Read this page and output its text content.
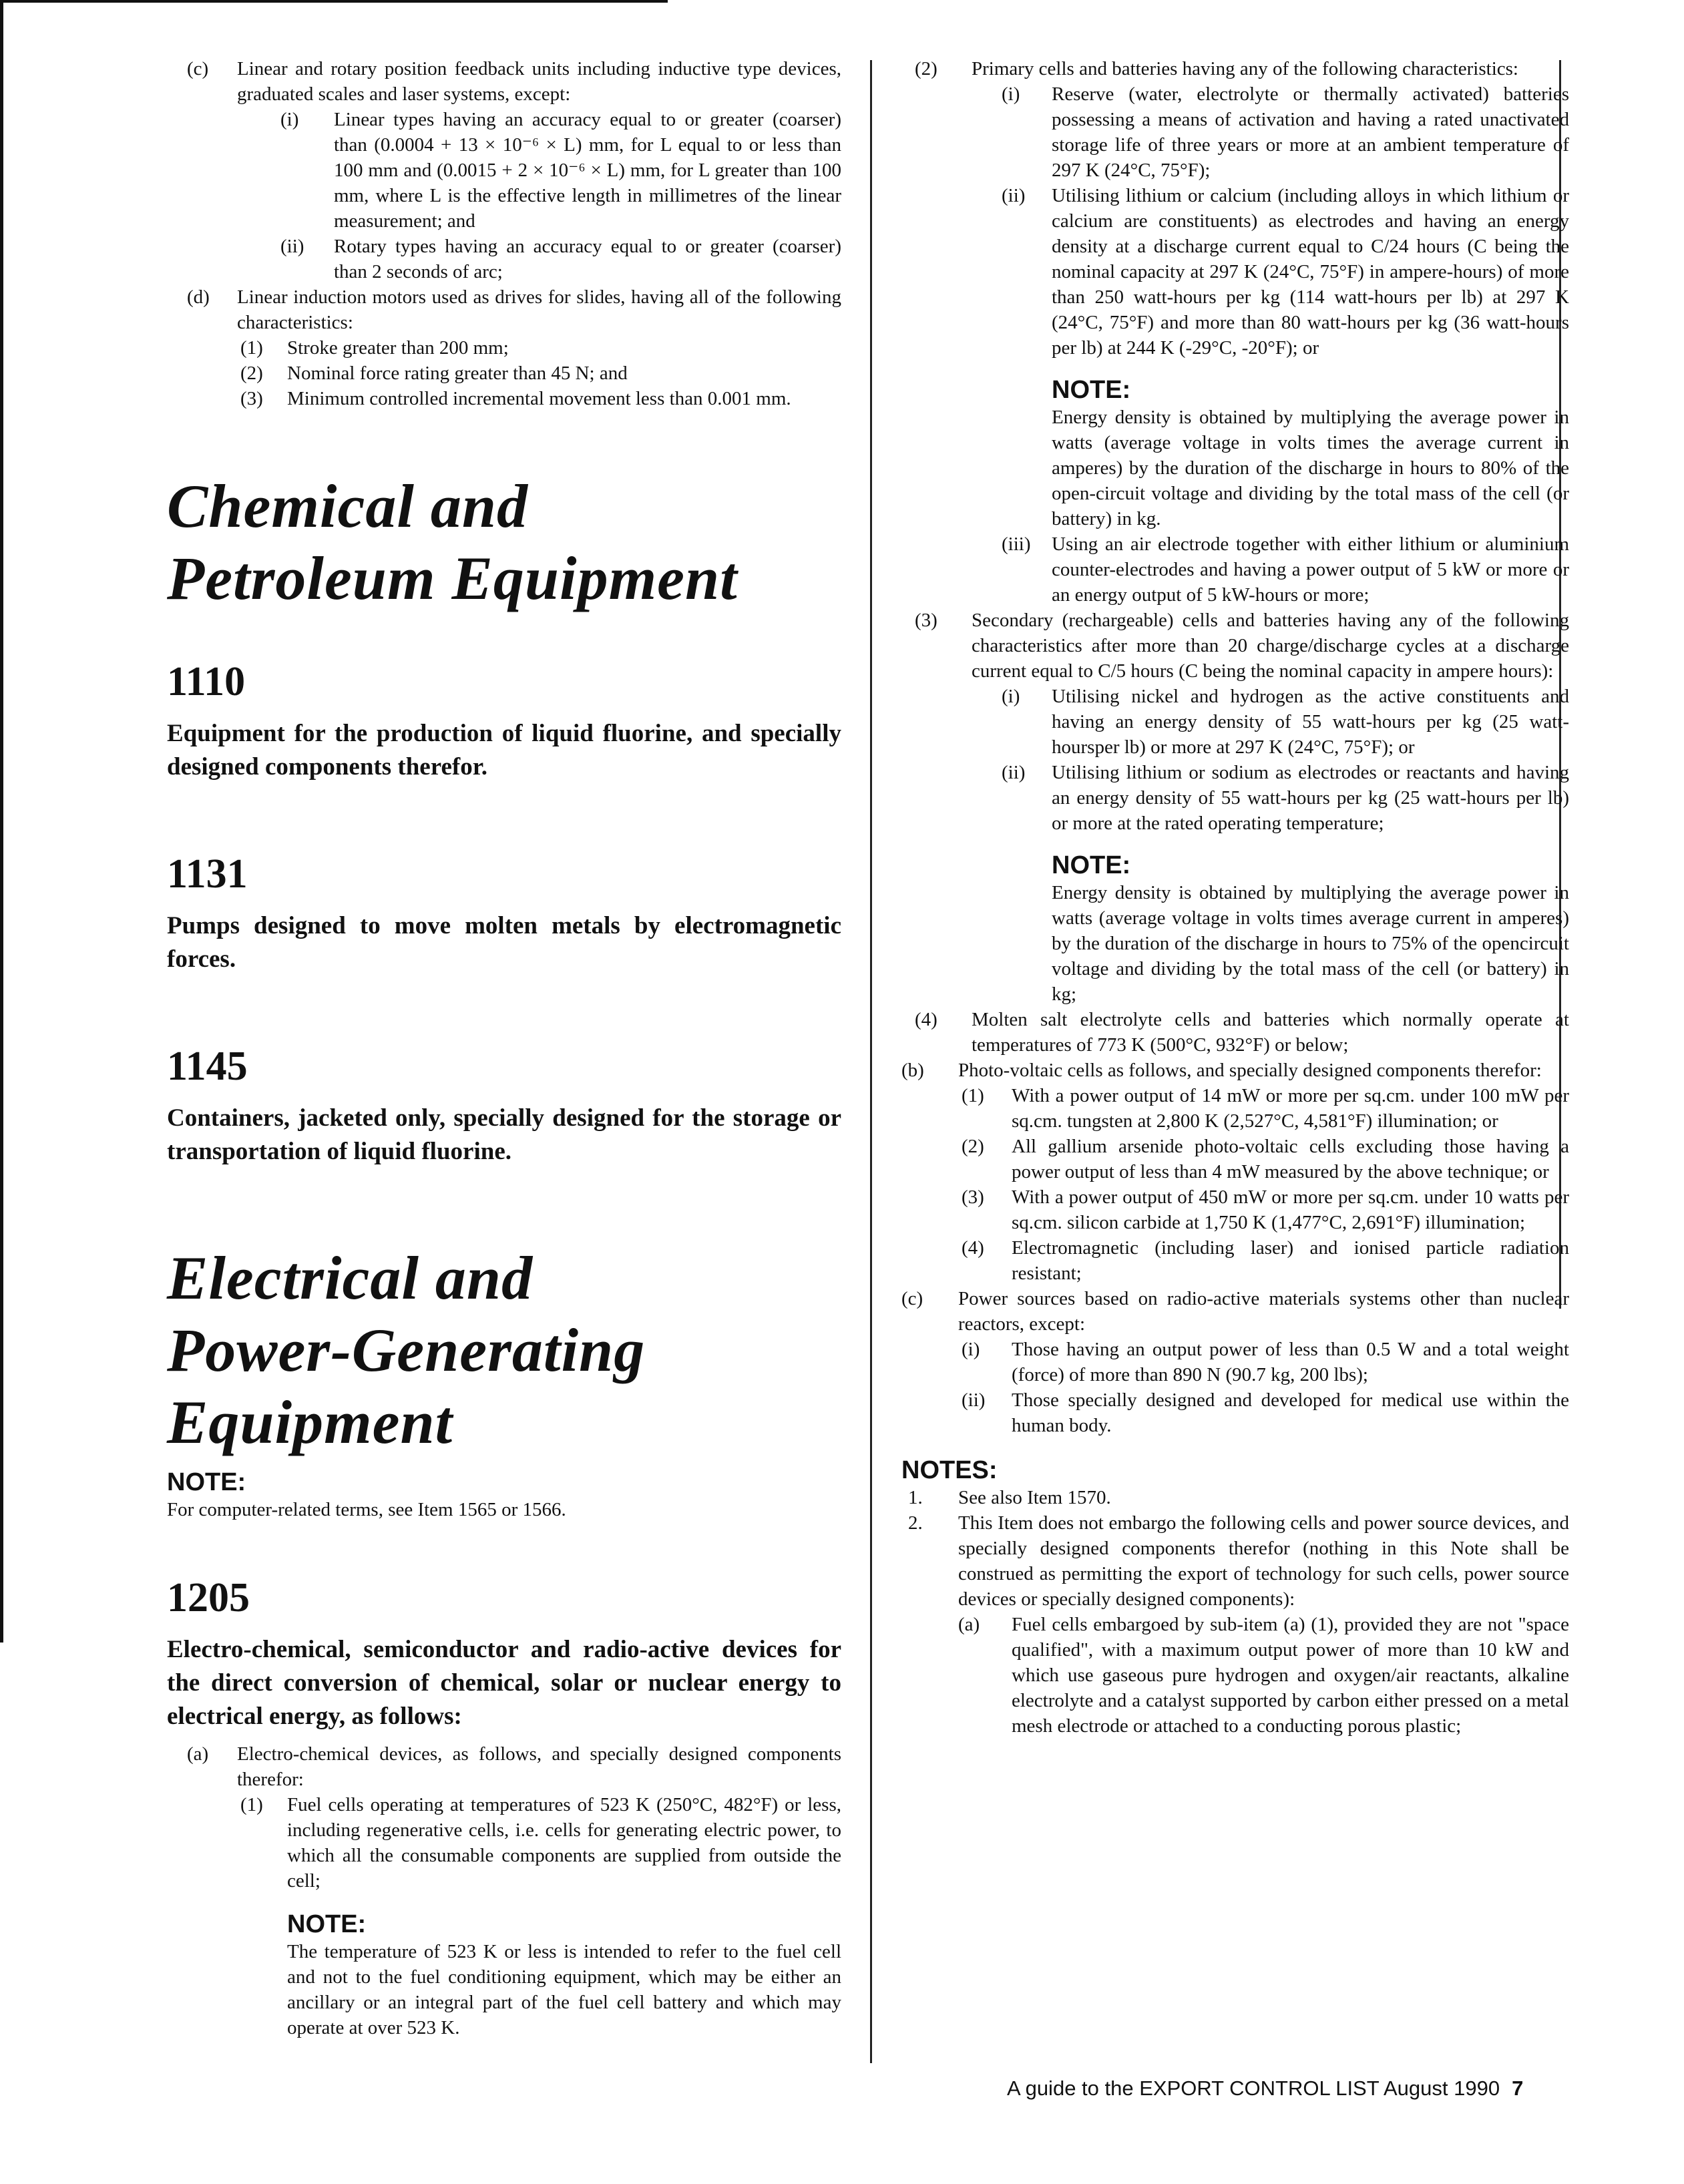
(c) Linear and rotary position feedback units including inductive type devices, graduated scales and laser systems, except:
(i) Linear types having an accuracy equal to or greater (coarser) than (0.0004 + 13 × 10⁻⁶ × L) mm, for L equal to or less than 100 mm and (0.0015 + 2 × 10⁻⁶ × L) mm, for L greater than 100 mm, where L is the effective length in millimetres of the linear measurement; and
(ii) Rotary types having an accuracy equal to or greater (coarser) than 2 seconds of arc;
(d) Linear induction motors used as drives for slides, having all of the following characteristics:
(1) Stroke greater than 200 mm;
(2) Nominal force rating greater than 45 N; and
(3) Minimum controlled incremental movement less than 0.001 mm.
Chemical and
Petroleum Equipment
1110
Equipment for the production of liquid fluorine, and specially designed components therefor.
1131
Pumps designed to move molten metals by electromagnetic forces.
1145
Containers, jacketed only, specially designed for the storage or transportation of liquid fluorine.
Electrical and
Power-Generating
Equipment
NOTE:
For computer-related terms, see Item 1565 or 1566.
1205
Electro-chemical, semiconductor and radio-active devices for the direct conversion of chemical, solar or nuclear energy to electrical energy, as follows:
(a) Electro-chemical devices, as follows, and specially designed components therefor:
(1) Fuel cells operating at temperatures of 523 K (250°C, 482°F) or less, including regenerative cells, i.e. cells for generating electric power, to which all the consumable components are supplied from outside the cell;
NOTE:
The temperature of 523 K or less is intended to refer to the fuel cell and not to the fuel conditioning equipment, which may be either an ancillary or an integral part of the fuel cell battery and which may operate at over 523 K.
(2) Primary cells and batteries having any of the following characteristics:
(i) Reserve (water, electrolyte or thermally activated) batteries possessing a means of activation and having a rated unactivated storage life of three years or more at an ambient temperature of 297 K (24°C, 75°F);
(ii) Utilising lithium or calcium (including alloys in which lithium or calcium are constituents) as electrodes and having an energy density at a discharge current equal to C/24 hours (C being the nominal capacity at 297 K (24°C, 75°F) in ampere-hours) of more than 250 watt-hours per kg (114 watt-hours per lb) at 297 K (24°C, 75°F) and more than 80 watt-hours per kg (36 watt-hours per lb) at 244 K (-29°C, -20°F); or
NOTE:
Energy density is obtained by multiplying the average power in watts (average voltage in volts times the average current in amperes) by the duration of the discharge in hours to 80% of the open-circuit voltage and dividing by the total mass of the cell (or battery) in kg.
(iii) Using an air electrode together with either lithium or aluminium counter-electrodes and having a power output of 5 kW or more or an energy output of 5 kW-hours or more;
(3) Secondary (rechargeable) cells and batteries having any of the following characteristics after more than 20 charge/discharge cycles at a discharge current equal to C/5 hours (C being the nominal capacity in ampere hours):
(i) Utilising nickel and hydrogen as the active constituents and having an energy density of 55 watt-hours per kg (25 watt-hoursper lb) or more at 297 K (24°C, 75°F); or
(ii) Utilising lithium or sodium as electrodes or reactants and having an energy density of 55 watt-hours per kg (25 watt-hours per lb) or more at the rated operating temperature;
NOTE:
Energy density is obtained by multiplying the average power in watts (average voltage in volts times average current in amperes) by the duration of the discharge in hours to 75% of the opencircuit voltage and dividing by the total mass of the cell (or battery) in kg;
(4) Molten salt electrolyte cells and batteries which normally operate at temperatures of 773 K (500°C, 932°F) or below;
(b) Photo-voltaic cells as follows, and specially designed components therefor:
(1) With a power output of 14 mW or more per sq.cm. under 100 mW per sq.cm. tungsten at 2,800 K (2,527°C, 4,581°F) illumination; or
(2) All gallium arsenide photo-voltaic cells excluding those having a power output of less than 4 mW measured by the above technique; or
(3) With a power output of 450 mW or more per sq.cm. under 10 watts per sq.cm. silicon carbide at 1,750 K (1,477°C, 2,691°F) illumination;
(4) Electromagnetic (including laser) and ionised particle radiation resistant;
(c) Power sources based on radio-active materials systems other than nuclear reactors, except:
(i) Those having an output power of less than 0.5 W and a total weight (force) of more than 890 N (90.7 kg, 200 lbs);
(ii) Those specially designed and developed for medical use within the human body.
NOTES:
1. See also Item 1570.
2. This Item does not embargo the following cells and power source devices, and specially designed components therefor (nothing in this Note shall be construed as permitting the export of technology for such cells, power source devices or specially designed components):
(a) Fuel cells embargoed by sub-item (a) (1), provided they are not "space qualified", with a maximum output power of more than 10 kW and which use gaseous pure hydrogen and oxygen/air reactants, alkaline electrolyte and a catalyst supported by carbon either pressed on a metal mesh electrode or attached to a conducting porous plastic;
A guide to the EXPORT CONTROL LIST August 1990 7
